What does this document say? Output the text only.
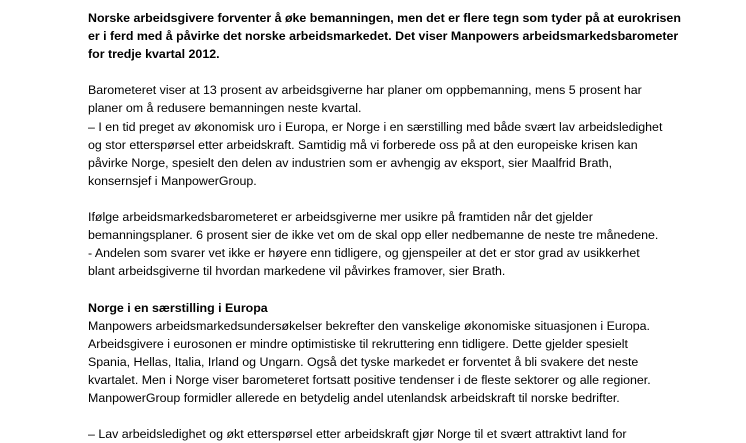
Norske arbeidsgivere forventer å øke bemanningen, men det er flere tegn som tyder på at eurokrisen
er i ferd med å påvirke det norske arbeidsmarkedet. Det viser Manpowers arbeidsmarkedsbarometer
for tredje kvartal 2012.
Barometeret viser at 13 prosent av arbeidsgiverne har planer om oppbemanning, mens 5 prosent har
planer om å redusere bemanningen neste kvartal.
– I en tid preget av økonomisk uro i Europa, er Norge i en særstilling med både svært lav arbeidsledighet
og stor etterspørsel etter arbeidskraft. Samtidig må vi forberede oss på at den europeiske krisen kan
påvirke Norge, spesielt den delen av industrien som er avhengig av eksport, sier Maalfrid Brath,
konsernsjef i ManpowerGroup.
Ifølge arbeidsmarkedsbarometeret er arbeidsgiverne mer usikre på framtiden når det gjelder
bemanningsplaner. 6 prosent sier de ikke vet om de skal opp eller nedbemanne de neste tre månedene.
- Andelen som svarer vet ikke er høyere enn tidligere, og gjenspeiler at det er stor grad av usikkerhet
blant arbeidsgiverne til hvordan markedene vil påvirkes framover, sier Brath.
Norge i en særstilling i Europa
Manpowers arbeidsmarkedsundersøkelser bekrefter den vanskelige økonomiske situasjonen i Europa.
Arbeidsgivere i eurosonen er mindre optimistiske til rekruttering enn tidligere. Dette gjelder spesielt
Spania, Hellas, Italia, Irland og Ungarn. Også det tyske markedet er forventet å bli svakere det neste
kvartalet. Men i Norge viser barometeret fortsatt positive tendenser i de fleste sektorer og alle regioner.
ManpowerGroup formidler allerede en betydelig andel utenlandsk arbeidskraft til norske bedrifter.
– Lav arbeidsledighet og økt etterspørsel etter arbeidskraft gjør Norge til et svært attraktivt land for
